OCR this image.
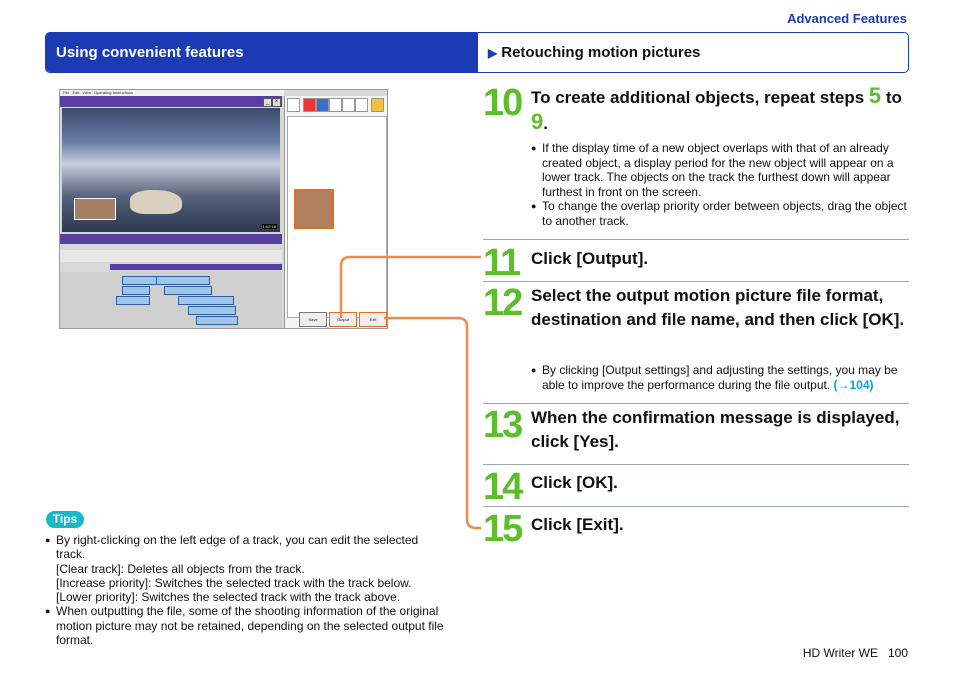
Advanced Features
Using convenient features	▶ Retouching motion pictures
File Edit View Operating Instructions
_ ×
1:02:16
Save	Output	Exit
10 To create additional objects, repeat steps 5 to 9.
● If the display time of a new object overlaps with that of an already created object, a display period for the new object will appear on a lower track. The objects on the track the furthest down will appear furthest in front on the screen.
● To change the overlap priority order between objects, drag the object to another track.
11 Click [Output].
12 Select the output motion picture file format, destination and file name, and then click [OK].
● By clicking [Output settings] and adjusting the settings, you may be able to improve the performance during the file output. (→104)
13 When the confirmation message is displayed, click [Yes].
14 Click [OK].
15 Click [Exit].
Tips
● By right-clicking on the left edge of a track, you can edit the selected track.
[Clear track]: Deletes all objects from the track.
[Increase priority]: Switches the selected track with the track below.
[Lower priority]: Switches the selected track with the track above.
● When outputting the file, some of the shooting information of the original motion picture may not be retained, depending on the selected output file format.
HD Writer WE 100
